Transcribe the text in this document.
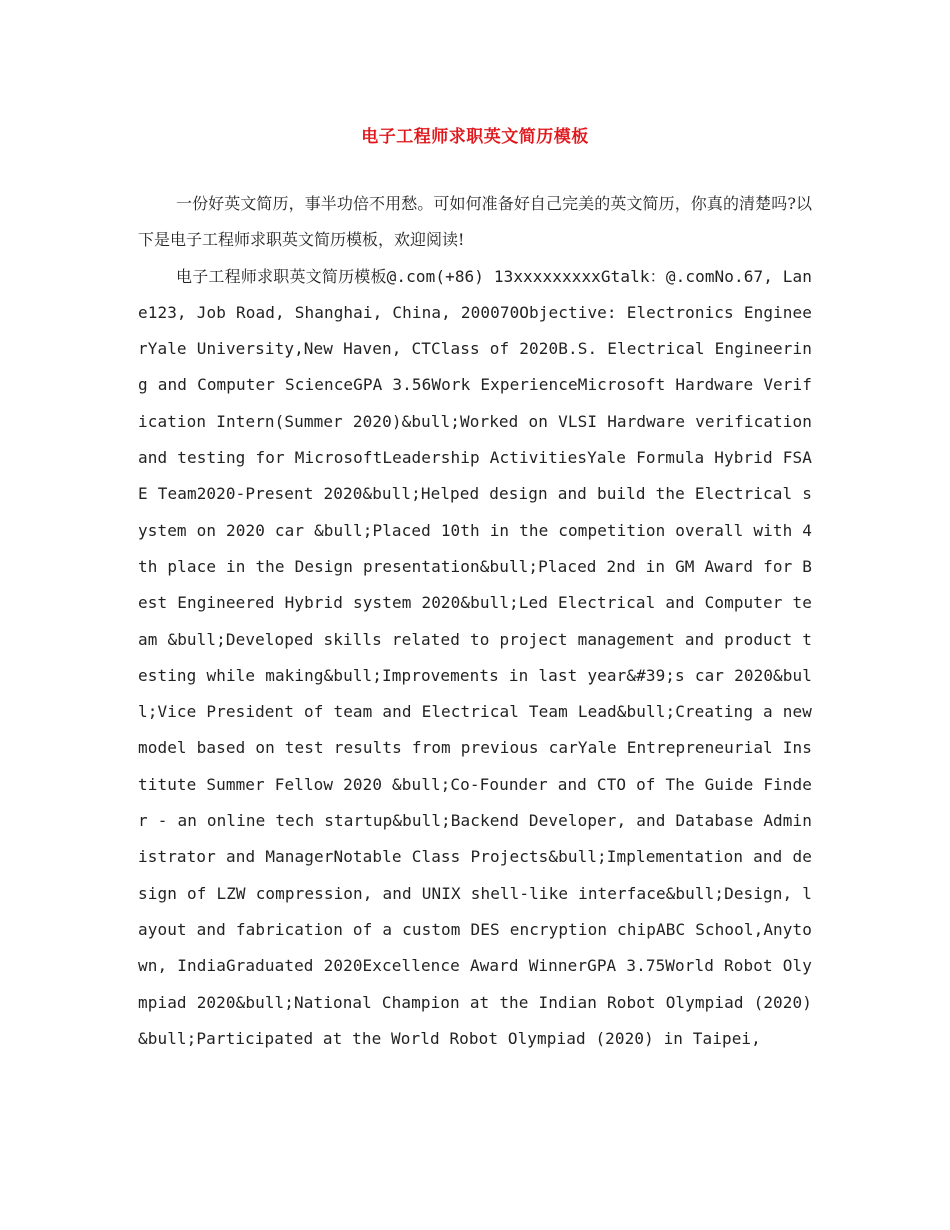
电子工程师求职英文简历模板

一份好英文简历，事半功倍不用愁。可如何准备好自己完美的英文简历，你真的清楚吗?以下是电子工程师求职英文简历模板，欢迎阅读!

电子工程师求职英文简历模板@.com(+86) 13xxxxxxxxxGtalk：@.comNo.67, Lane123, Job Road, Shanghai, China, 200070Objective: Electronics EngineerYale University,New Haven, CTClass of 2020B.S. Electrical Engineering and Computer ScienceGPA 3.56Work ExperienceMicrosoft Hardware Verification Intern(Summer 2020)&bull;Worked on VLSI Hardware verification and testing for MicrosoftLeadership ActivitiesYale Formula Hybrid FSAE Team2020-Present 2020&bull;Helped design and build the Electrical system on 2020 car &bull;Placed 10th in the competition overall with 4th place in the Design presentation&bull;Placed 2nd in GM Award for Best Engineered Hybrid system 2020&bull;Led Electrical and Computer team &bull;Developed skills related to project management and product testing while making&bull;Improvements in last year&#39;s car 2020&bull;Vice President of team and Electrical Team Lead&bull;Creating a new model based on test results from previous carYale Entrepreneurial Institute Summer Fellow 2020 &bull;Co-Founder and CTO of The Guide Finder - an online tech startup&bull;Backend Developer, and Database Administrator and ManagerNotable Class Projects&bull;Implementation and design of LZW compression, and UNIX shell-like interface&bull;Design, layout and fabrication of a custom DES encryption chipABC School,Anytown, IndiaGraduated 2020Excellence Award WinnerGPA 3.75World Robot Olympiad 2020&bull;National Champion at the Indian Robot Olympiad (2020)&bull;Participated at the World Robot Olympiad (2020) in Taipei,
